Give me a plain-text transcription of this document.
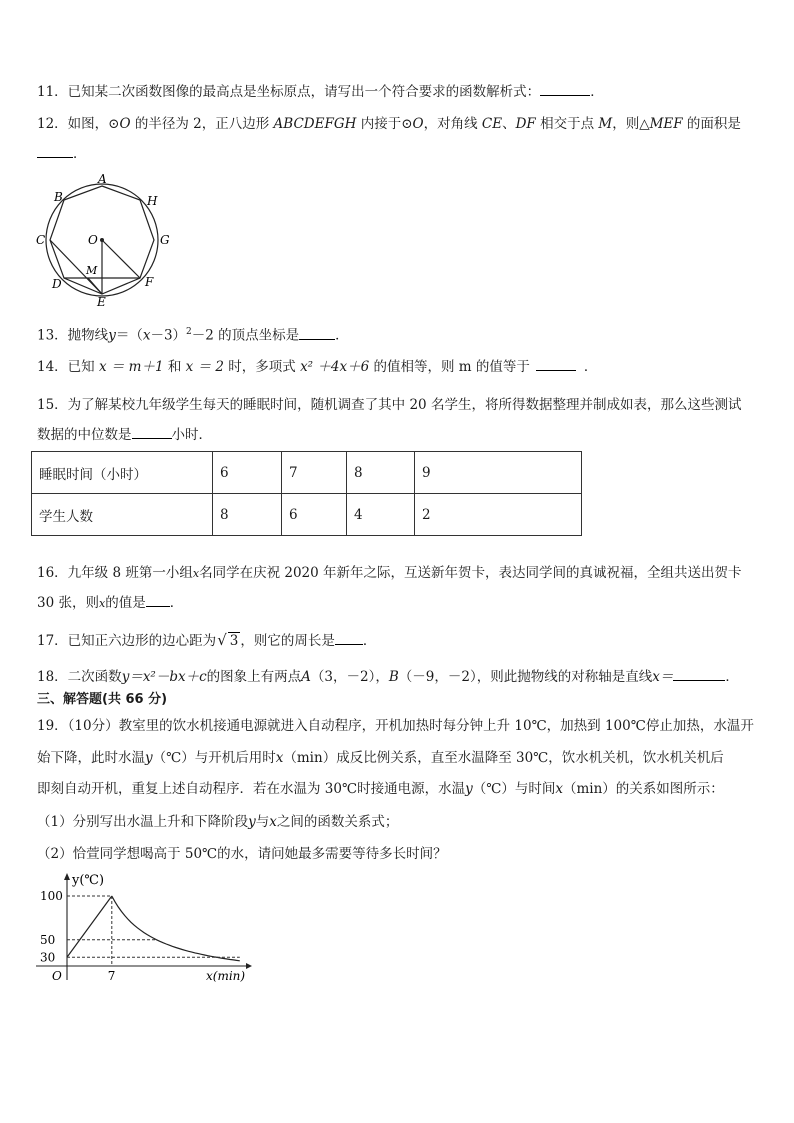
11．已知某二次函数图像的最高点是坐标原点，请写出一个符合要求的函数解析式：	．
12．如图，⊙O 的半径为 2，正八边形 ABCDEFGH 内接于⊙O，对角线 CE、DF 相交于点 M，则△MEF 的面积是
．
A
B
C
D
E
F
G
H
O
M
13．抛物线$y=(x-3)^2-2$ 的顶点坐标是	．
14．已知 x ＝ m＋1 和 x ＝ 2 时，多项式 x² ＋4x＋6 的值相等，则 m 的值等于	．
15．为了解某校九年级学生每天的睡眠时间，随机调查了其中 20 名学生，将所得数据整理并制成如表，那么这些测试
数据的中位数是	小时．
睡眠时间（小时）	6	7	8	9
学生人数	8	6	4	2
16．九年级 8 班第一小组x名同学在庆祝 2020 年新年之际，互送新年贺卡，表达同学间的真诚祝福，全组共送出贺卡
30 张，则x的值是 ．
17．已知正六边形的边心距为√ 3 ，则它的周长是 ．
18．二次函数y＝x²－bx＋c的图象上有两点A（3，－2），B（－9，－2），则此抛物线的对称轴是直线x＝	．
三、解答题(共 66 分)
19．（10分）教室里的饮水机接通电源就进入自动程序，开机加热时每分钟上升 10℃，加热到 100℃停止加热，水温开
始下降，此时水温y（℃）与开机后用时x（min）成反比例关系，直至水温降至 30℃，饮水机关机，饮水机关机后
即刻自动开机，重复上述自动程序．若在水温为 30℃时接通电源，水温y（℃）与时间x（min）的关系如图所示：
（1）分别写出水温上升和下降阶段y与x之间的函数关系式；
（2）恰萱同学想喝高于 50℃的水，请问她最多需要等待多长时间？
100
50
30
7
y(℃)
x(min)
O
